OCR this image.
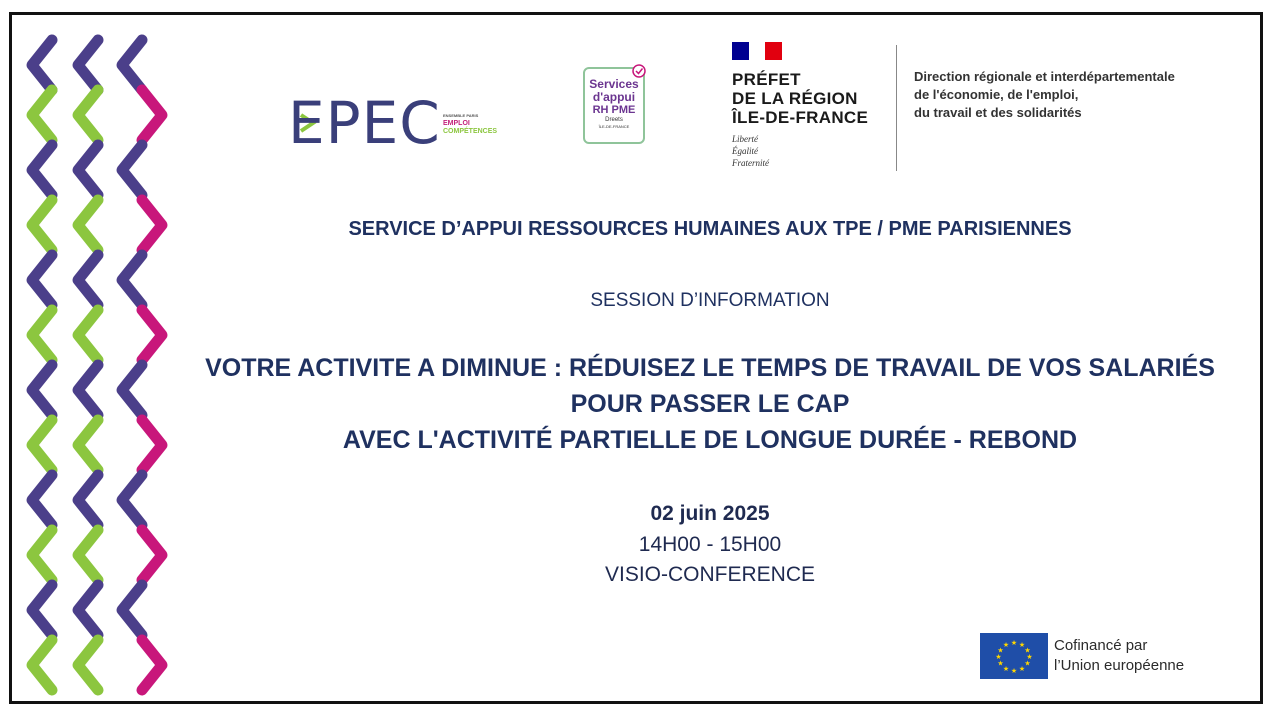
EPEC ENSEMBLE PARIS
EMPLOI
COMPÉTENCES
Services
d'appui
RH PME
Dreets
ÎLE-DE-FRANCE
PRÉFET
DE LA RÉGION
ÎLE-DE-FRANCE
Liberté
Égalité
Fraternité
Direction régionale et interdépartementale
de l'économie, de l'emploi,
du travail et des solidarités
SERVICE D’APPUI RESSOURCES HUMAINES AUX TPE / PME PARISIENNES
SESSION D’INFORMATION
VOTRE ACTIVITE A DIMINUE : RÉDUISEZ LE TEMPS DE TRAVAIL DE VOS SALARIÉS
POUR PASSER LE CAP
AVEC L'ACTIVITÉ PARTIELLE DE LONGUE DURÉE - REBOND
02 juin 2025
14H00 - 15H00
VISIO-CONFERENCE
★ ★
★
★
★
★
★
★
★
★
★
★	Cofinancé par
l’Union européenne
